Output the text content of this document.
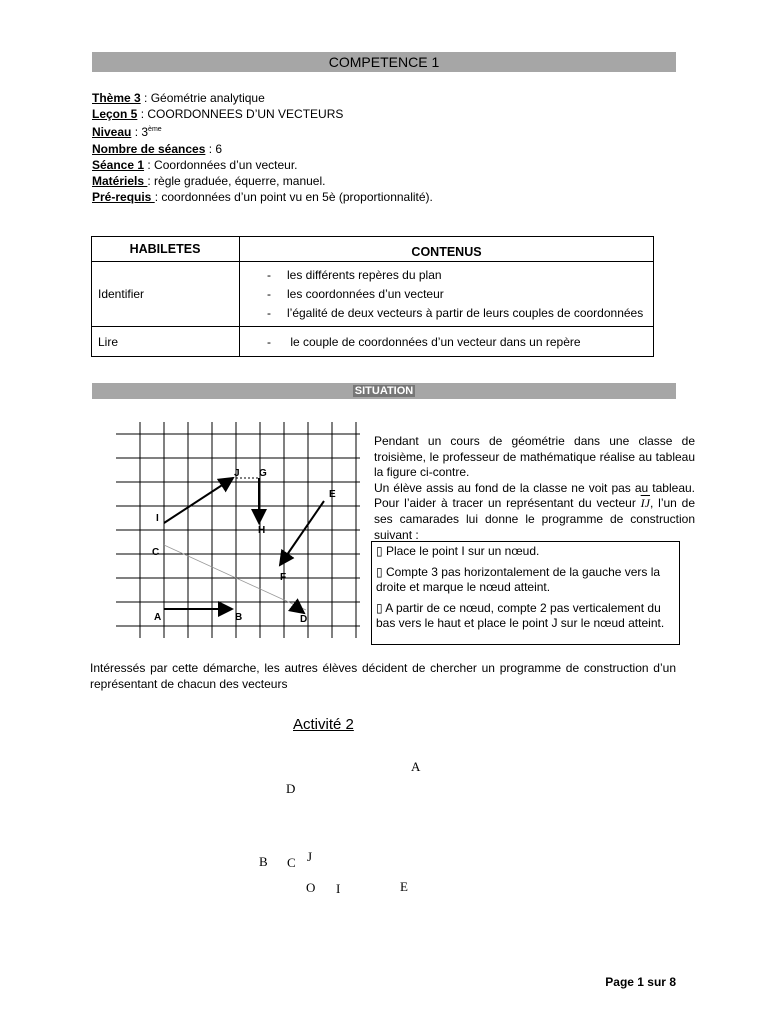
COMPETENCE 1
Thème 3 : Géométrie analytique
Leçon 5 : COORDONNEES D’UN VECTEURS
Niveau : 3ème
Nombre de séances : 6
Séance 1 : Coordonnées d’un vecteur.
Matériels : règle graduée, équerre, manuel.
Pré-requis : coordonnées d’un point vu en 5è (proportionnalité).
HABILETES	CONTENUS
Identifier	- les différents repères du plan
- les coordonnées d’un vecteur
- l’égalité de deux vecteurs à partir de leurs couples de coordonnées

Lire	- le couple de coordonnées d’un vecteur dans un repère
SITUATION
J G
E
I
H
C
F
A	B	D
Pendant un cours de géométrie dans une classe de troisième, le professeur de mathématique réalise au tableau la figure ci-contre.
Un élève assis au fond de la classe ne voit pas au tableau. Pour l’aider à tracer un représentant du vecteur $\overline{IJ}$, l’un de ses camarades lui donne le programme de construction suivant :

▯ Place le point I sur un nœud.

▯ Compte 3 pas horizontalement de la gauche vers la droite et marque le nœud atteint.

▯ A partir de ce nœud, compte 2 pas verticalement du bas vers le haut et place le point J sur le nœud atteint.

Intéressés par cette démarche, les autres élèves décident de chercher un programme de construction d’un représentant de chacun des vecteurs
Activité 2
A
D
J
B C
O I	E
Page 1 sur 8
